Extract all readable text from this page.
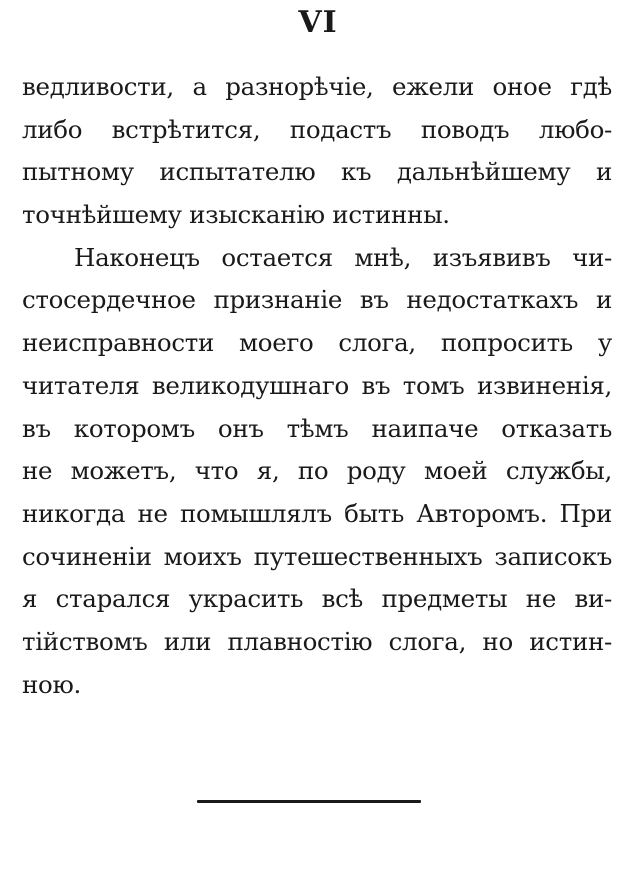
VI
ведливости, а разнорѣчіе, ежели оное гдѣ
либо встрѣтится, подастъ поводъ любо-
пытному испытателю къ дальнѣйшему и
точнѣйшему изысканію истинны.
Наконецъ остается мнѣ, изъявивъ чи-
стосердечное признаніе въ недостаткахъ и
неисправности моего слога, попросить у
читателя великодушнаго въ томъ извиненія,
въ которомъ онъ тѣмъ наипаче отказать
не можетъ, что я, по роду моей службы,
никогда не помышлялъ быть Авторомъ. При
сочиненіи моихъ путешественныхъ записокъ
я старался украсить всѣ предметы не ви-
тійствомъ или плавностію слога, но истин-
ною.
